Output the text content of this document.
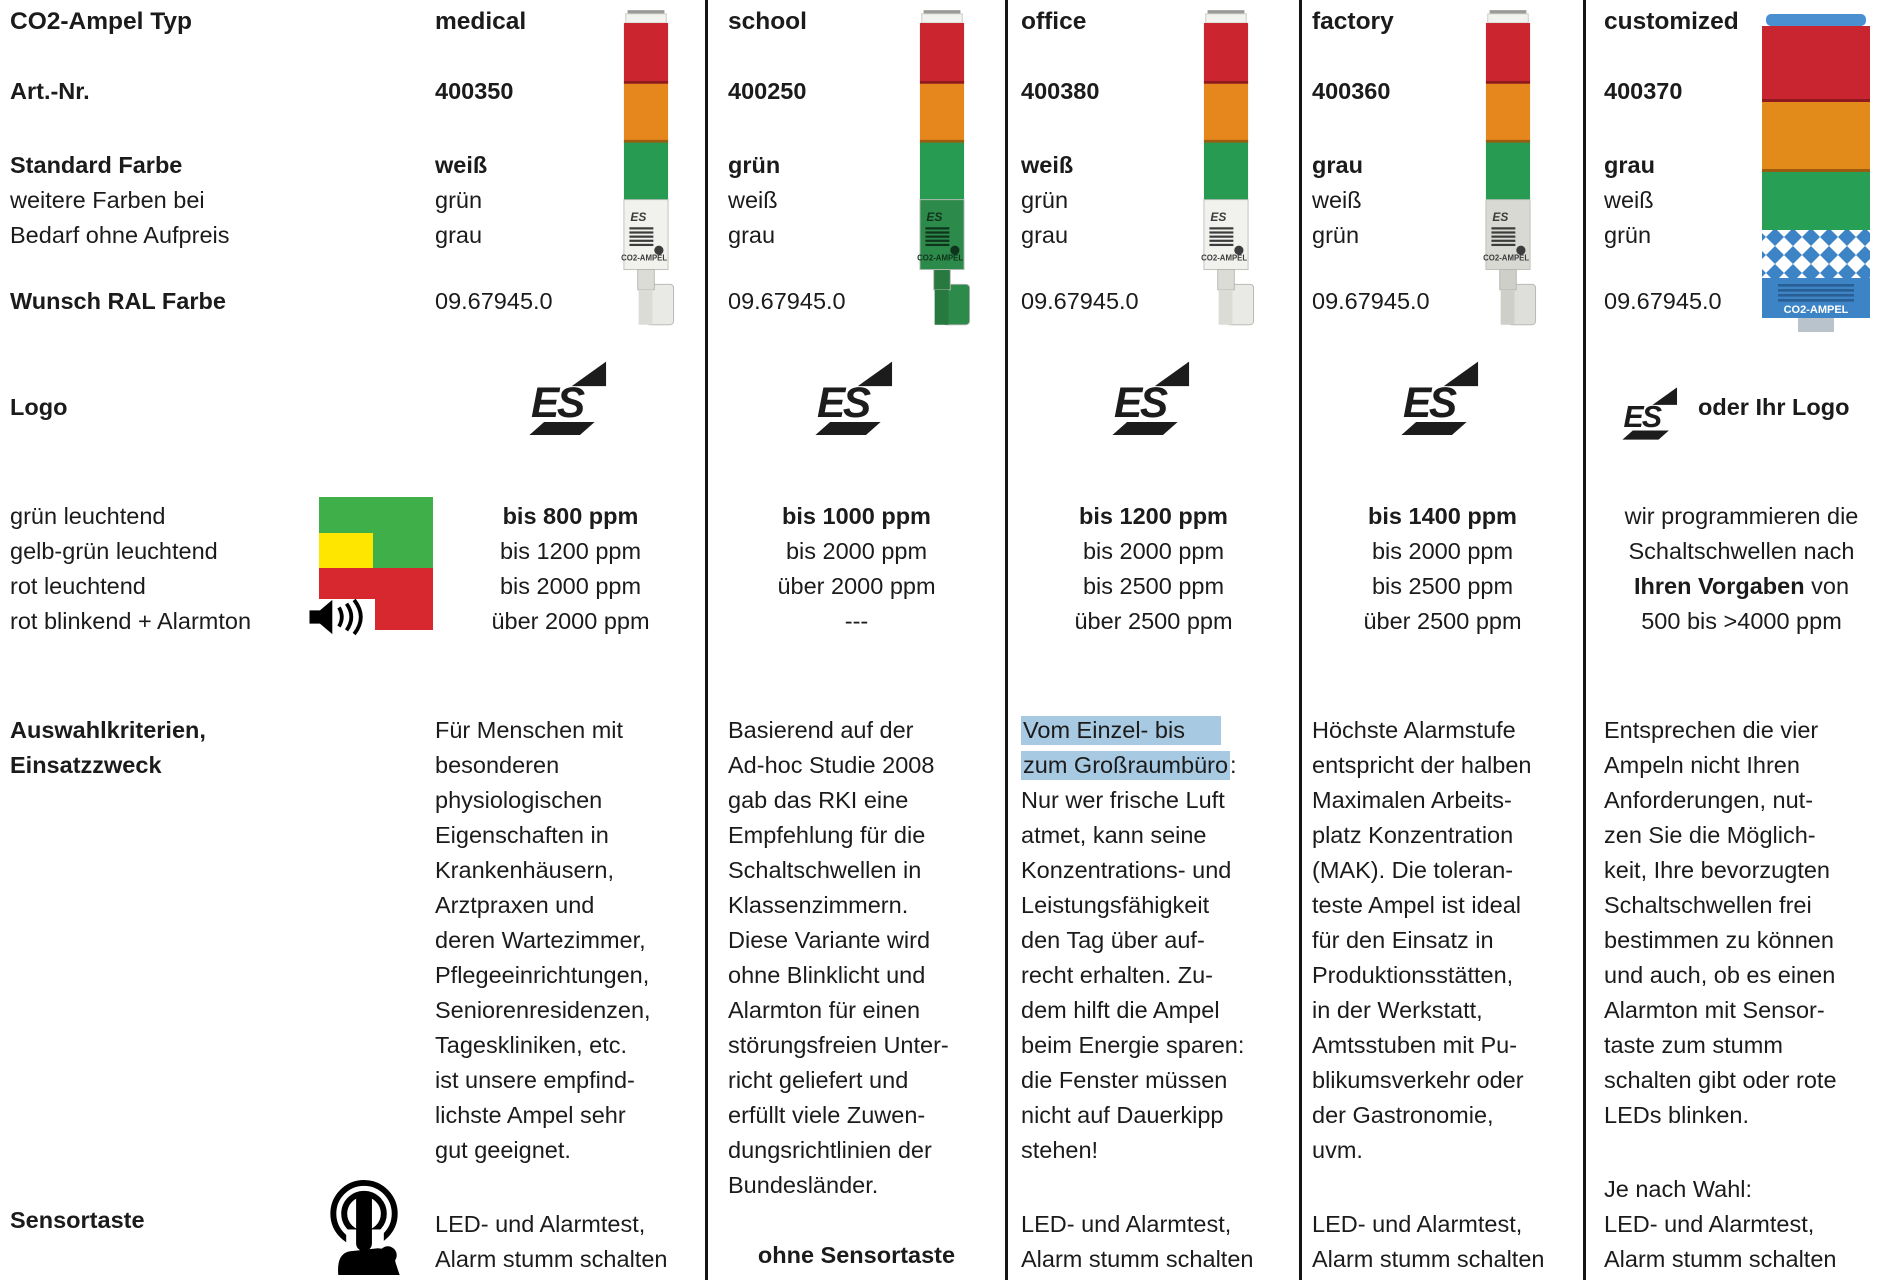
CO2-Ampel Typ
Art.-Nr.
Standard Farbe
weitere Farben bei
Bedarf ohne Aufpreis
Wunsch RAL Farbe
Logo
grün leuchtend
gelb-grün leuchtend
rot leuchtend
rot blinkend + Alarmton
Auswahlkriterien,
Einsatzzweck
Sensortaste
medical
400350
weiß
grün
grau
09.67945.0
bis 800 ppm
bis 1200 ppm
bis 2000 ppm
über 2000 ppm
Für Menschen mit
besonderen
physiologischen
Eigenschaften in
Krankenhäusern,
Arztpraxen und
deren Wartezimmer,
Pflegeeinrichtungen,
Seniorenresidenzen,
Tageskliniken, etc.
ist unsere empfind-
lichste Ampel sehr
gut geeignet.
LED- und Alarmtest,
Alarm stumm schalten
school
400250
grün
weiß
grau
09.67945.0
bis 1000 ppm
bis 2000 ppm
über 2000 ppm
---
Basierend auf der
Ad-hoc Studie 2008
gab das RKI eine
Empfehlung für die
Schaltschwellen in
Klassenzimmern.
Diese Variante wird
ohne Blinklicht und
Alarmton für einen
störungsfreien Unter-
richt geliefert und
erfüllt viele Zuwen-
dungsrichtlinien der
Bundesländer.
ohne Sensortaste
office
400380
weiß
grün
grau
09.67945.0
bis 1200 ppm
bis 2000 ppm
bis 2500 ppm
über 2500 ppm
Vom Einzel- bis
zum Großraumbüro:
Nur wer frische Luft
atmet, kann seine
Konzentrations- und
Leistungsfähigkeit
den Tag über auf-
recht erhalten. Zu-
dem hilft die Ampel
beim Energie sparen:
die Fenster müssen
nicht auf Dauerkipp
stehen!
LED- und Alarmtest,
Alarm stumm schalten
factory
400360
grau
weiß
grün
09.67945.0
bis 1400 ppm
bis 2000 ppm
bis 2500 ppm
über 2500 ppm
Höchste Alarmstufe
entspricht der halben
Maximalen Arbeits-
platz Konzentration
(MAK). Die toleran-
teste Ampel ist ideal
für den Einsatz in
Produktionsstätten,
in der Werkstatt,
Amtsstuben mit Pu-
blikumsverkehr oder
der Gastronomie,
uvm.
LED- und Alarmtest,
Alarm stumm schalten
customized
400370
grau
weiß
grün
09.67945.0
oder Ihr Logo
wir programmieren die
Schaltschwellen nach
Ihren Vorgaben von
500 bis >4000 ppm
Entsprechen die vier
Ampeln nicht Ihren
Anforderungen, nut-
zen Sie die Möglich-
keit, Ihre bevorzugten
Schaltschwellen frei
bestimmen zu können
und auch, ob es einen
Alarmton mit Sensor-
taste zum stumm
schalten gibt oder rote
LEDs blinken.
Je nach Wahl:
LED- und Alarmtest,
Alarm stumm schalten
CO2-AMPEL
